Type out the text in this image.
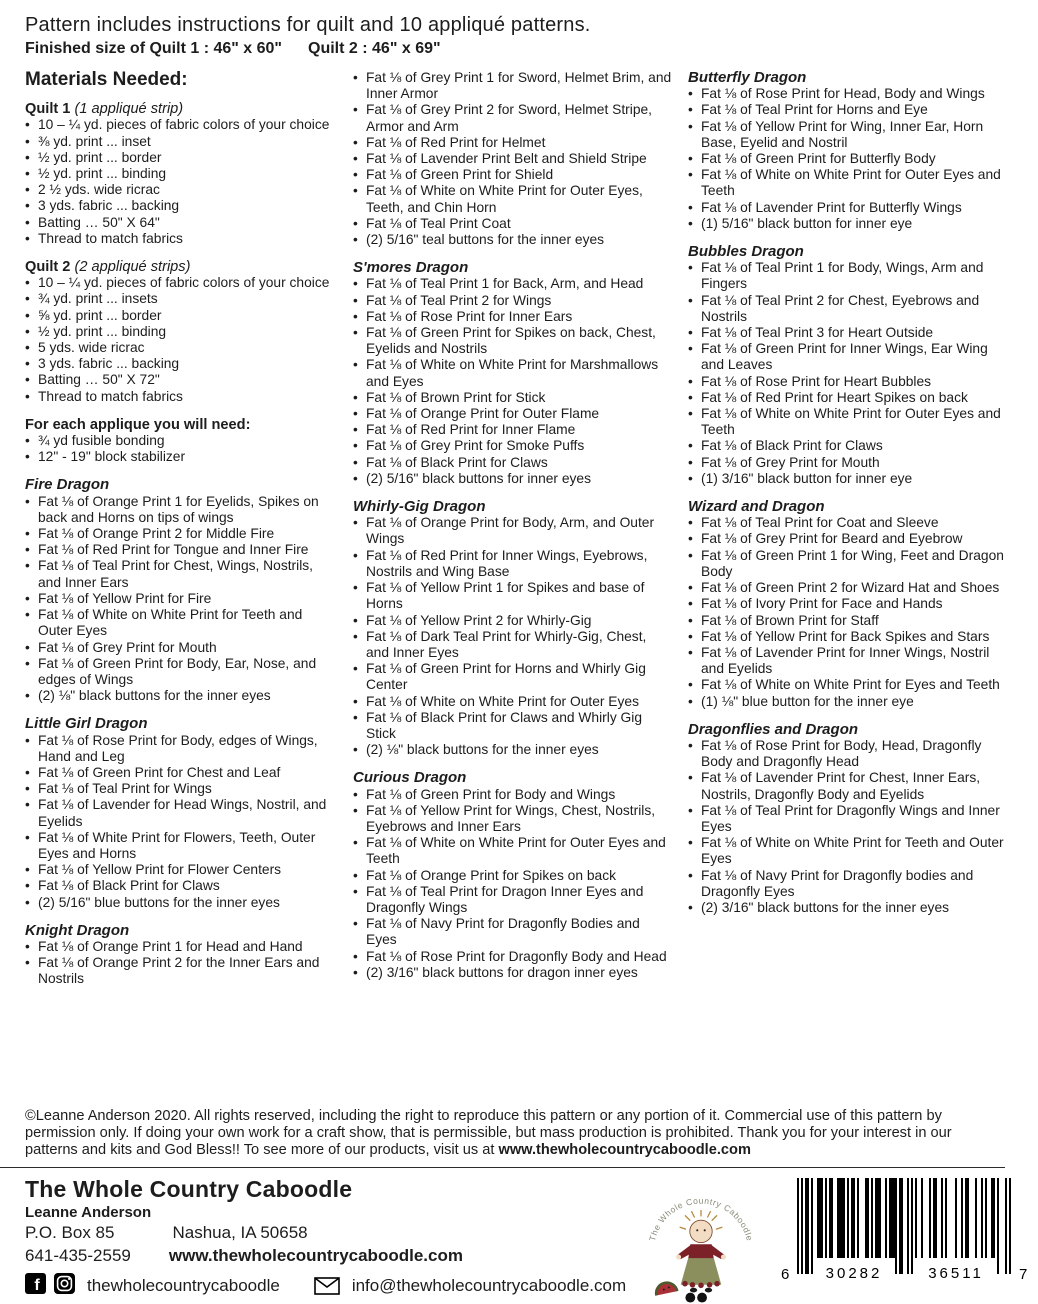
Pattern includes instructions for quilt and 10 appliqué patterns.
Finished size of Quilt 1 : 46" x 60" Quilt 2 : 46" x 69"
Materials Needed:
Quilt 1 (1 appliqué strip)
• 10 – ¼ yd. pieces of fabric colors of your choice
• ⅜ yd. print ... inset
• ½ yd. print ... border
• ½ yd. print ... binding
• 2 ½ yds. wide ricrac
• 3 yds. fabric ... backing
• Batting … 50" X 64"
• Thread to match fabrics
Quilt 2 (2 appliqué strips)
• 10 – ¼ yd. pieces of fabric colors of your choice
• ¾ yd. print ... insets
• ⅝ yd. print ... border
• ½ yd. print ... binding
• 5 yds. wide ricrac
• 3 yds. fabric ... backing
• Batting … 50" X 72"
• Thread to match fabrics
For each applique you will need:
• ¾ yd fusible bonding
• 12" - 19" block stabilizer
Fire Dragon
• Fat ⅛ of Orange Print 1 for Eyelids, Spikes on back and Horns on tips of wings
• Fat ⅛ of Orange Print 2 for Middle Fire
• Fat ⅛ of Red Print for Tongue and Inner Fire
• Fat ⅛ of Teal Print for Chest, Wings, Nostrils, and Inner Ears
• Fat ⅛ of Yellow Print for Fire
• Fat ⅛ of White on White Print for Teeth and Outer Eyes
• Fat ⅛ of Grey Print for Mouth
• Fat ⅛ of Green Print for Body, Ear, Nose, and edges of Wings
• (2) ⅛" black buttons for the inner eyes
Little Girl Dragon
• Fat ⅛ of Rose Print for Body, edges of Wings, Hand and Leg
• Fat ⅛ of Green Print for Chest and Leaf
• Fat ⅛ of Teal Print for Wings
• Fat ⅛ of Lavender for Head Wings, Nostril, and Eyelids
• Fat ⅛ of White Print for Flowers, Teeth, Outer Eyes and Horns
• Fat ⅛ of Yellow Print for Flower Centers
• Fat ⅛ of Black Print for Claws
• (2) 5/16" blue buttons for the inner eyes
Knight Dragon
• Fat ⅛ of Orange Print 1 for Head and Hand
• Fat ⅛ of Orange Print 2 for the Inner Ears and Nostrils
• Fat ⅛ of Grey Print 1 for Sword, Helmet Brim, and Inner Armor
• Fat ⅛ of Grey Print 2 for Sword, Helmet Stripe, Armor and Arm
• Fat ⅛ of Red Print for Helmet
• Fat ⅛ of Lavender Print Belt and Shield Stripe
• Fat ⅛ of Green Print for Shield
• Fat ⅛ of White on White Print for Outer Eyes, Teeth, and Chin Horn
• Fat ⅛ of Teal Print Coat
• (2) 5/16" teal buttons for the inner eyes
S'mores Dragon
• Fat ⅛ of Teal Print 1 for Back, Arm, and Head
• Fat ⅛ of Teal Print 2 for Wings
• Fat ⅛ of Rose Print for Inner Ears
• Fat ⅛ of Green Print for Spikes on back, Chest, Eyelids and Nostrils
• Fat ⅛ of White on White Print for Marshmallows and Eyes
• Fat ⅛ of Brown Print for Stick
• Fat ⅛ of Orange Print for Outer Flame
• Fat ⅛ of Red Print for Inner Flame
• Fat ⅛ of Grey Print for Smoke Puffs
• Fat ⅛ of Black Print for Claws
• (2) 5/16" black buttons for inner eyes
Whirly-Gig Dragon
• Fat ⅛ of Orange Print for Body, Arm, and Outer Wings
• Fat ⅛ of Red Print for Inner Wings, Eyebrows, Nostrils and Wing Base
• Fat ⅛ of Yellow Print 1 for Spikes and base of Horns
• Fat ⅛ of Yellow Print 2 for Whirly-Gig
• Fat ⅛ of Dark Teal Print for Whirly-Gig, Chest, and Inner Eyes
• Fat ⅛ of Green Print for Horns and Whirly Gig Center
• Fat ⅛ of White on White Print for Outer Eyes
• Fat ⅛ of Black Print for Claws and Whirly Gig Stick
• (2) ⅛" black buttons for the inner eyes
Curious Dragon
• Fat ⅛ of Green Print for Body and Wings
• Fat ⅛ of Yellow Print for Wings, Chest, Nostrils, Eyebrows and Inner Ears
• Fat ⅛ of White on White Print for Outer Eyes and Teeth
• Fat ⅛ of Orange Print for Spikes on back
• Fat ⅛ of Teal Print for Dragon Inner Eyes and Dragonfly Wings
• Fat ⅛ of Navy Print for Dragonfly Bodies and Eyes
• Fat ⅛ of Rose Print for Dragonfly Body and Head
• (2) 3/16" black buttons for dragon inner eyes
Butterfly Dragon
• Fat ⅛ of Rose Print for Head, Body and Wings
• Fat ⅛ of Teal Print for Horns and Eye
• Fat ⅛ of Yellow Print for Wing, Inner Ear, Horn Base, Eyelid and Nostril
• Fat ⅛ of Green Print for Butterfly Body
• Fat ⅛ of White on White Print for Outer Eyes and Teeth
• Fat ⅛ of Lavender Print for Butterfly Wings
• (1) 5/16" black button for inner eye
Bubbles Dragon
• Fat ⅛ of Teal Print 1 for Body, Wings, Arm and Fingers
• Fat ⅛ of Teal Print 2 for Chest, Eyebrows and Nostrils
• Fat ⅛ of Teal Print 3 for Heart Outside
• Fat ⅛ of Green Print for Inner Wings, Ear Wing and Leaves
• Fat ⅛ of Rose Print for Heart Bubbles
• Fat ⅛ of Red Print for Heart Spikes on back
• Fat ⅛ of White on White Print for Outer Eyes and Teeth
• Fat ⅛ of Black Print for Claws
• Fat ⅛ of Grey Print for Mouth
• (1) 3/16" black button for inner eye
Wizard and Dragon
• Fat ⅛ of Teal Print for Coat and Sleeve
• Fat ⅛ of Grey Print for Beard and Eyebrow
• Fat ⅛ of Green Print 1 for Wing, Feet and Dragon Body
• Fat ⅛ of Green Print 2 for Wizard Hat and Shoes
• Fat ⅛ of Ivory Print for Face and Hands
• Fat ⅛ of Brown Print for Staff
• Fat ⅛ of Yellow Print for Back Spikes and Stars
• Fat ⅛ of Lavender Print for Inner Wings, Nostril and Eyelids
• Fat ⅛ of White on White Print for Eyes and Teeth
• (1) ⅛" blue button for the inner eye
Dragonflies and Dragon
• Fat ⅛ of Rose Print for Body, Head, Dragonfly Body and Dragonfly Head
• Fat ⅛ of Lavender Print for Chest, Inner Ears, Nostrils, Dragonfly Body and Eyelids
• Fat ⅛ of Teal Print for Dragonfly Wings and Inner Eyes
• Fat ⅛ of White on White Print for Teeth and Outer Eyes
• Fat ⅛ of Navy Print for Dragonfly bodies and Dragonfly Eyes
• (2) 3/16" black buttons for the inner eyes
©Leanne Anderson 2020. All rights reserved, including the right to reproduce this pattern or any portion of it. Commercial use of this pattern by permission only. If doing your own work for a craft show, that is permissible, but mass production is prohibited. Thank you for your interest in our patterns and kits and God Bless!! To see more of our products, visit us at www.thewholecountrycaboodle.com
The Whole Country Caboodle
Leanne Anderson
P.O. Box 85	Nashua, IA 50658
641-435-2559 www.thewholecountrycaboodle.com
f	thewholecountrycaboodle	info@thewholecountrycaboodle.com
The Whole Country Caboodle
6 30282	36511 7
